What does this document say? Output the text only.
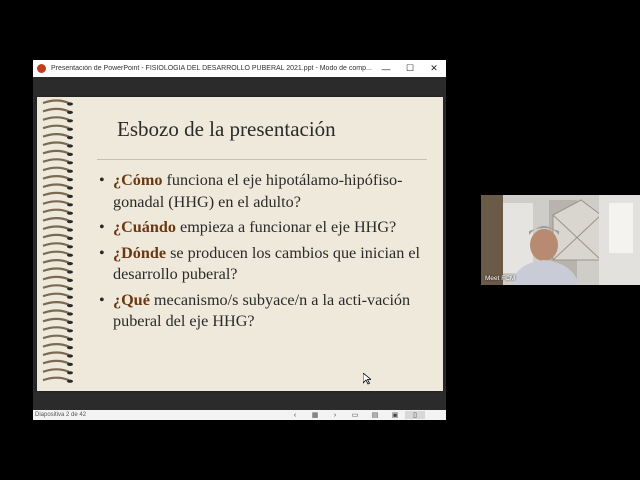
Presentación de PowerPoint - FISIOLOGIA DEL DESARROLLO PUBERAL 2021.ppt - Modo de comp...	—	☐	✕
Esbozo de la presentación
• ¿Cómo funciona el eje hipotálamo-hipófiso-gonadal (HHG) en el adulto?
• ¿Cuándo empieza a funcionar el eje HHG?
• ¿Dónde se producen los cambios que inician el desarrollo puberal?
• ¿Qué mecanismo/s subyace/n a la acti-vación puberal del eje HHG?
Diapositiva 2 de 42	‹	▦	›	▭	▤	▣	▯
Meet FCM
